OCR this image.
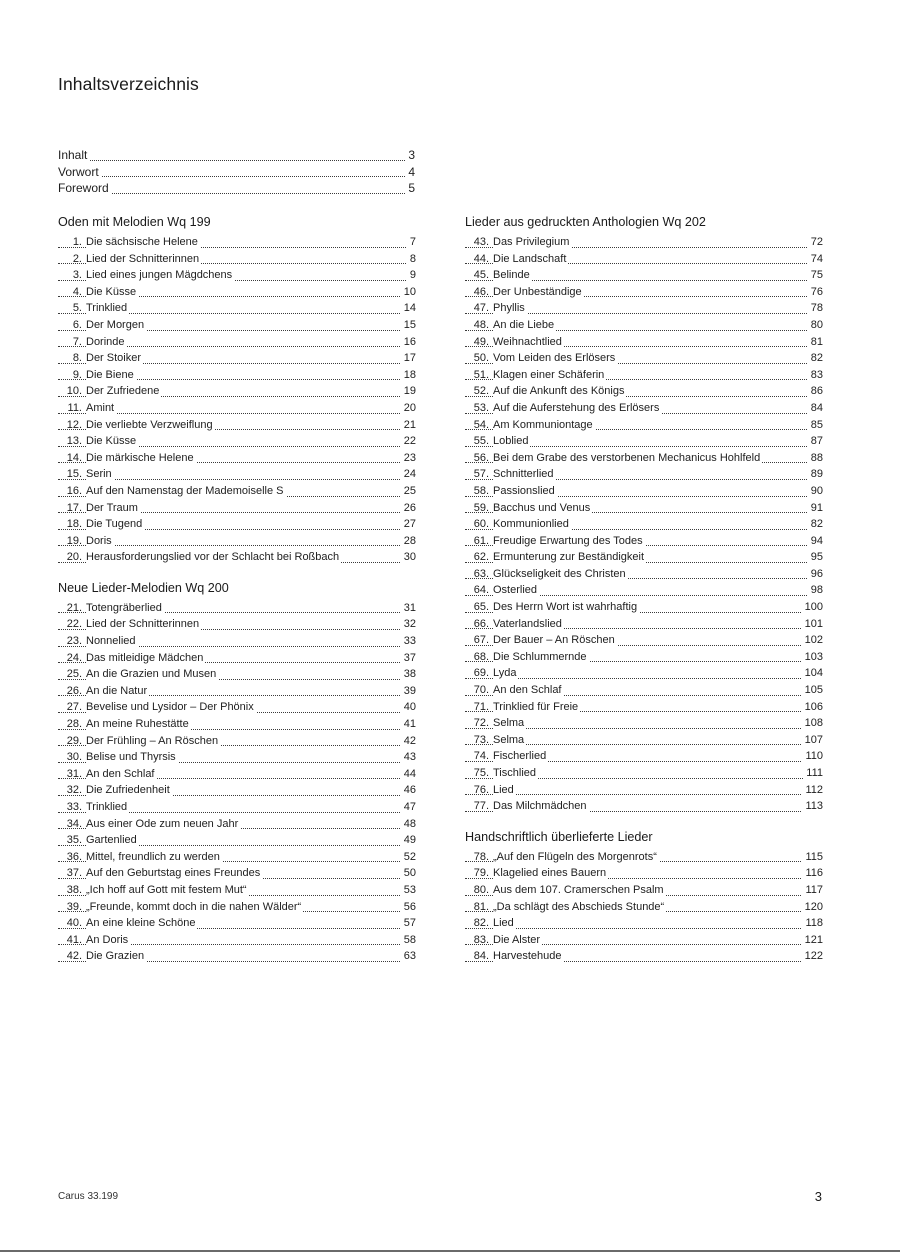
Inhaltsverzeichnis
Inhalt	3
Vorwort	4
Foreword	5
Oden mit Melodien Wq 199
1. Die sächsische Helene	7
2. Lied der Schnitterinnen	8
3. Lied eines jungen Mägdchens	9
4. Die Küsse	10
5. Trinklied	14
6. Der Morgen	15
7. Dorinde	16
8. Der Stoiker	17
9. Die Biene	18
10. Der Zufriedene	19
11. Amint	20
12. Die verliebte Verzweiflung	21
13. Die Küsse	22
14. Die märkische Helene	23
15. Serin	24
16. Auf den Namenstag der Mademoiselle S	25
17. Der Traum	26
18. Die Tugend	27
19. Doris	28
20. Herausforderungslied vor der Schlacht bei Roßbach	30
Neue Lieder-Melodien Wq 200
21. Totengräberlied	31
22. Lied der Schnitterinnen	32
23. Nonnelied	33
24. Das mitleidige Mädchen	37
25. An die Grazien und Musen	38
26. An die Natur	39
27. Bevelise und Lysidor – Der Phönix	40
28. An meine Ruhestätte	41
29. Der Frühling – An Röschen	42
30. Belise und Thyrsis	43
31. An den Schlaf	44
32. Die Zufriedenheit	46
33. Trinklied	47
34. Aus einer Ode zum neuen Jahr	48
35. Gartenlied	49
36. Mittel, freundlich zu werden	52
37. Auf den Geburtstag eines Freundes	50
38. „Ich hoff auf Gott mit festem Mut“	53
39. „Freunde, kommt doch in die nahen Wälder“	56
40. An eine kleine Schöne	57
41. An Doris	58
42. Die Grazien	63
Lieder aus gedruckten Anthologien Wq 202
43. Das Privilegium	72
44. Die Landschaft	74
45. Belinde	75
46. Der Unbeständige	76
47. Phyllis	78
48. An die Liebe	80
49. Weihnachtlied	81
50. Vom Leiden des Erlösers	82
51. Klagen einer Schäferin	83
52. Auf die Ankunft des Königs	86
53. Auf die Auferstehung des Erlösers	84
54. Am Kommuniontage	85
55. Loblied	87
56. Bei dem Grabe des verstorbenen Mechanicus Hohlfeld	88
57. Schnitterlied	89
58. Passionslied	90
59. Bacchus und Venus	91
60. Kommunionlied	82
61. Freudige Erwartung des Todes	94
62. Ermunterung zur Beständigkeit	95
63. Glückseligkeit des Christen	96
64. Osterlied	98
65. Des Herrn Wort ist wahrhaftig	100
66. Vaterlandslied	101
67. Der Bauer – An Röschen	102
68. Die Schlummernde	103
69. Lyda	104
70. An den Schlaf	105
71. Trinklied für Freie	106
72. Selma	108
73. Selma	107
74. Fischerlied	110
75. Tischlied	111
76. Lied	112
77. Das Milchmädchen	113
Handschriftlich überlieferte Lieder
78. „Auf den Flügeln des Morgenrots“	115
79. Klagelied eines Bauern	116
80. Aus dem 107. Cramerschen Psalm	117
81. „Da schlägt des Abschieds Stunde“	120
82. Lied	118
83. Die Alster	121
84. Harvestehude	122
Carus 33.199	3
